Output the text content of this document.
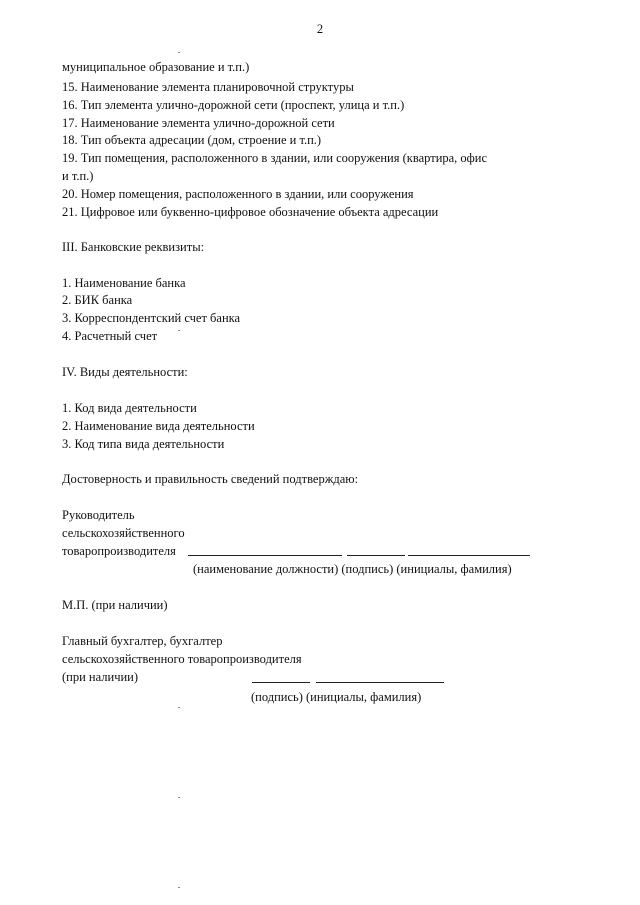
2
муниципальное образование и т.п.)
15. Наименование элемента планировочной структуры
16. Тип элемента улично-дорожной сети (проспект, улица и т.п.)
17. Наименование элемента улично-дорожной сети
18. Тип объекта адресации (дом, строение и т.п.)
19. Тип помещения, расположенного в здании, или сооружения (квартира, офис
и т.п.)
20. Номер помещения, расположенного в здании, или сооружения
21. Цифровое или буквенно-цифровое обозначение объекта адресации
III. Банковские реквизиты:
1. Наименование банка
2. БИК банка
3. Корреспондентский счет банка
4. Расчетный счет
IV. Виды деятельности:
1. Код вида деятельности
2. Наименование вида деятельности
3. Код типа вида деятельности
Достоверность и правильность сведений подтверждаю:
Руководитель
сельскохозяйственного
товаропроизводителя
(наименование должности) (подпись) (инициалы, фамилия)
М.П. (при наличии)
Главный бухгалтер, бухгалтер
сельскохозяйственного товаропроизводителя
(при наличии)
(подпись) (инициалы, фамилия)
